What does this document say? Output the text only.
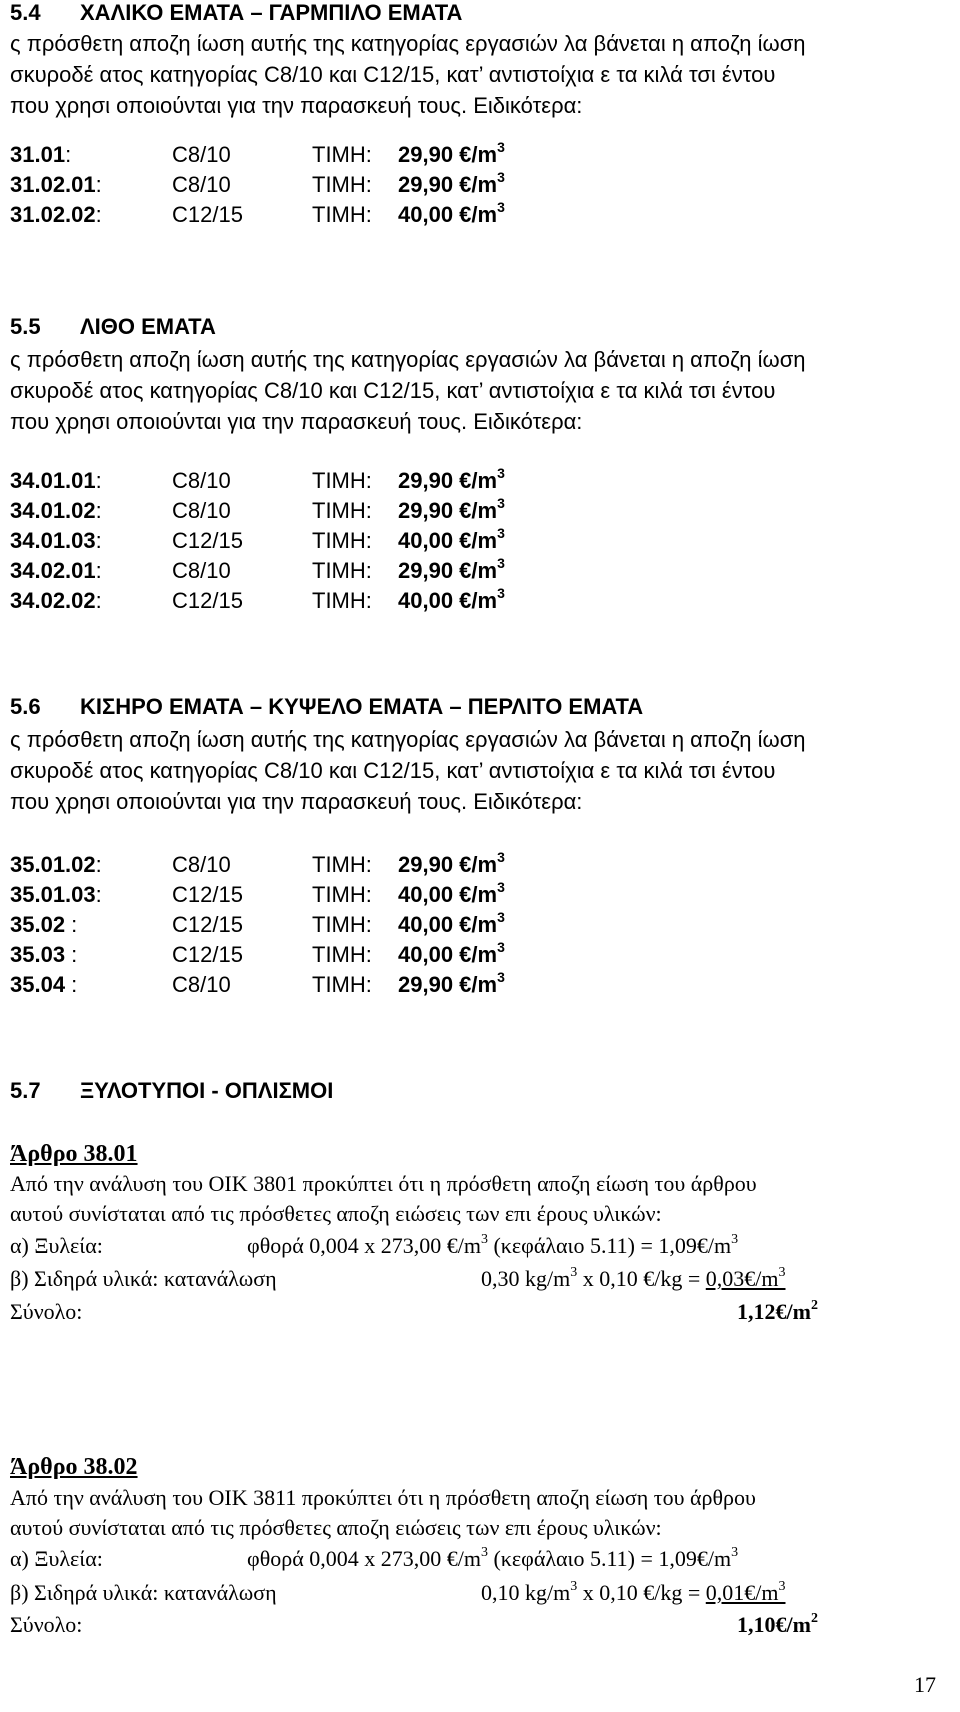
5.4 ΧΑΛΙΚΟ ΕΜΑΤΑ – ΓΑΡΜΠΙΛΟ ΕΜΑΤΑ
ς πρόσθετη αποζη ίωση αυτής της κατηγορίας εργασιών λα βάνεται η αποζη ίωση
σκυροδέ ατος κατηγορίας C8/10 και C12/15, κατ’ αντιστοίχια ε τα κιλά τσι έντου
που χρησι οποιούνται για την παρασκευή τους. Ειδικότερα:
31.01:	C8/10	ΤΙΜΗ: 29,90 $€/m^3$
31.02.01:	C8/10	ΤΙΜΗ: 29,90 $€/m^3$
31.02.02:	C12/15	ΤΙΜΗ: 40,00 $€/m^3$
5.5 ΛΙΘΟ ΕΜΑΤΑ
ς πρόσθετη αποζη ίωση αυτής της κατηγορίας εργασιών λα βάνεται η αποζη ίωση
σκυροδέ ατος κατηγορίας C8/10 και C12/15, κατ’ αντιστοίχια ε τα κιλά τσι έντου
που χρησι οποιούνται για την παρασκευή τους. Ειδικότερα:
34.01.01:	C8/10	ΤΙΜΗ: 29,90 $€/m^3$
34.01.02:	C8/10	ΤΙΜΗ: 29,90 $€/m^3$
34.01.03:	C12/15	ΤΙΜΗ: 40,00 $€/m^3$
34.02.01:	C8/10	ΤΙΜΗ: 29,90 $€/m^3$
34.02.02:	C12/15	ΤΙΜΗ: 40,00 $€/m^3$
5.6 ΚΙΣΗΡΟ ΕΜΑΤΑ – ΚΥΨΕΛΟ ΕΜΑΤΑ – ΠΕΡΛΙΤΟ ΕΜΑΤΑ
ς πρόσθετη αποζη ίωση αυτής της κατηγορίας εργασιών λα βάνεται η αποζη ίωση
σκυροδέ ατος κατηγορίας C8/10 και C12/15, κατ’ αντιστοίχια ε τα κιλά τσι έντου
που χρησι οποιούνται για την παρασκευή τους. Ειδικότερα:
35.01.02:	C8/10	ΤΙΜΗ: 29,90 $€/m^3$
35.01.03:	C12/15	ΤΙΜΗ: 40,00 $€/m^3$
35.02 :	C12/15	ΤΙΜΗ: 40,00 $€/m^3$
35.03 :	C12/15	ΤΙΜΗ: 40,00 $€/m^3$
35.04 :	C8/10	ΤΙΜΗ: 29,90 $€/m^3$
5.7 ΞΥΛΟΤΥΠΟΙ - ΟΠΛΙΣΜΟΙ
Άρθρο 38.01
Από την ανάλυση του ΟΙΚ 3801 προκύπτει ότι η πρόσθετη αποζη είωση του άρθρου
αυτού συνίσταται από τις πρόσθετες αποζη ειώσεις των επι έρους υλικών:
α) Ξυλεία:	φθορά 0,004 x 273,00 $€/m^3$ (κεφάλαιο $5.11) = 1,09€/m^3$
β) Σιδηρά υλικά: κατανάλωση	0,30 $kg/m^3$ x 0,10 €/kg = $0,03€/m^3$
Σύνολο:	$1,12€/m^2$
Άρθρο 38.02
Από την ανάλυση του ΟΙΚ 3811 προκύπτει ότι η πρόσθετη αποζη είωση του άρθρου
αυτού συνίσταται από τις πρόσθετες αποζη ειώσεις των επι έρους υλικών:
α) Ξυλεία:	φθορά 0,004 x 273,00 $€/m^3$ (κεφάλαιο $5.11) = 1,09€/m^3$
β) Σιδηρά υλικά: κατανάλωση	0,10 $kg/m^3$ x 0,10 €/kg = $0,01€/m^3$
Σύνολο:	$1,10€/m^2$
17
